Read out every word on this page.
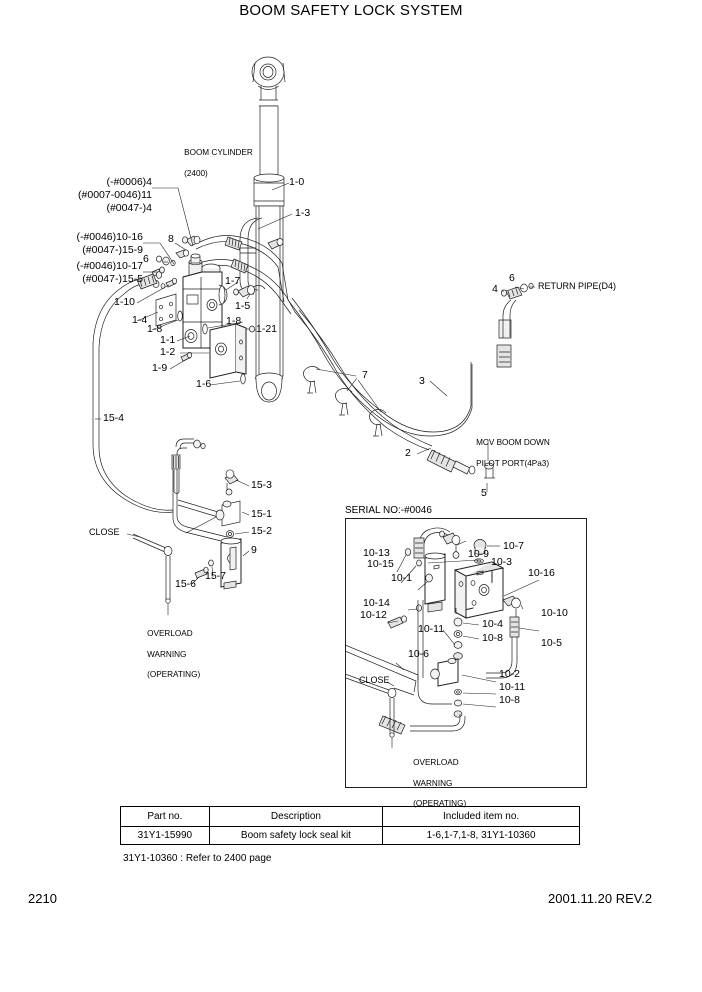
BOOM SAFETY LOCK SYSTEM

BOOM CYLINDER

(2400)

(-#0006)4
(#0007-0046)11
(#0047-)4
(-#0046)10-16
(#0047-)15-9
(-#0046)10-17
(#0047-)15-5
1-0
1-3
8
6
1-10
1-4
1-8
1-1
1-2
1-9
1-6
1-8
1-21
1-7
1-5
15-4
15-3
15-1
15-2
9
15-7
15-6
CLOSE

OVERLOAD

WARNING

(OPERATING)

7	3
2
5
4
6
RETURN PIPE(D4)

MCV BOOM DOWN

PILOT PORT(4Pa3)

SERIAL NO:-#0046
10-9
10-7
10-13
10-15
10-1
10-3
10-16
10-14
10-12	10-10
10-4
10-8	10-5
10-11
10-6
10-2
10-11
10-8
CLOSE

OVERLOAD

WARNING

(OPERATING)

Part no.	Description	Included item no.
31Y1-15990	Boom safety lock seal kit	1-6,1-7,1-8, 31Y1-10360
31Y1-10360 : Refer to 2400 page
2210	2001.11.20 REV.2
